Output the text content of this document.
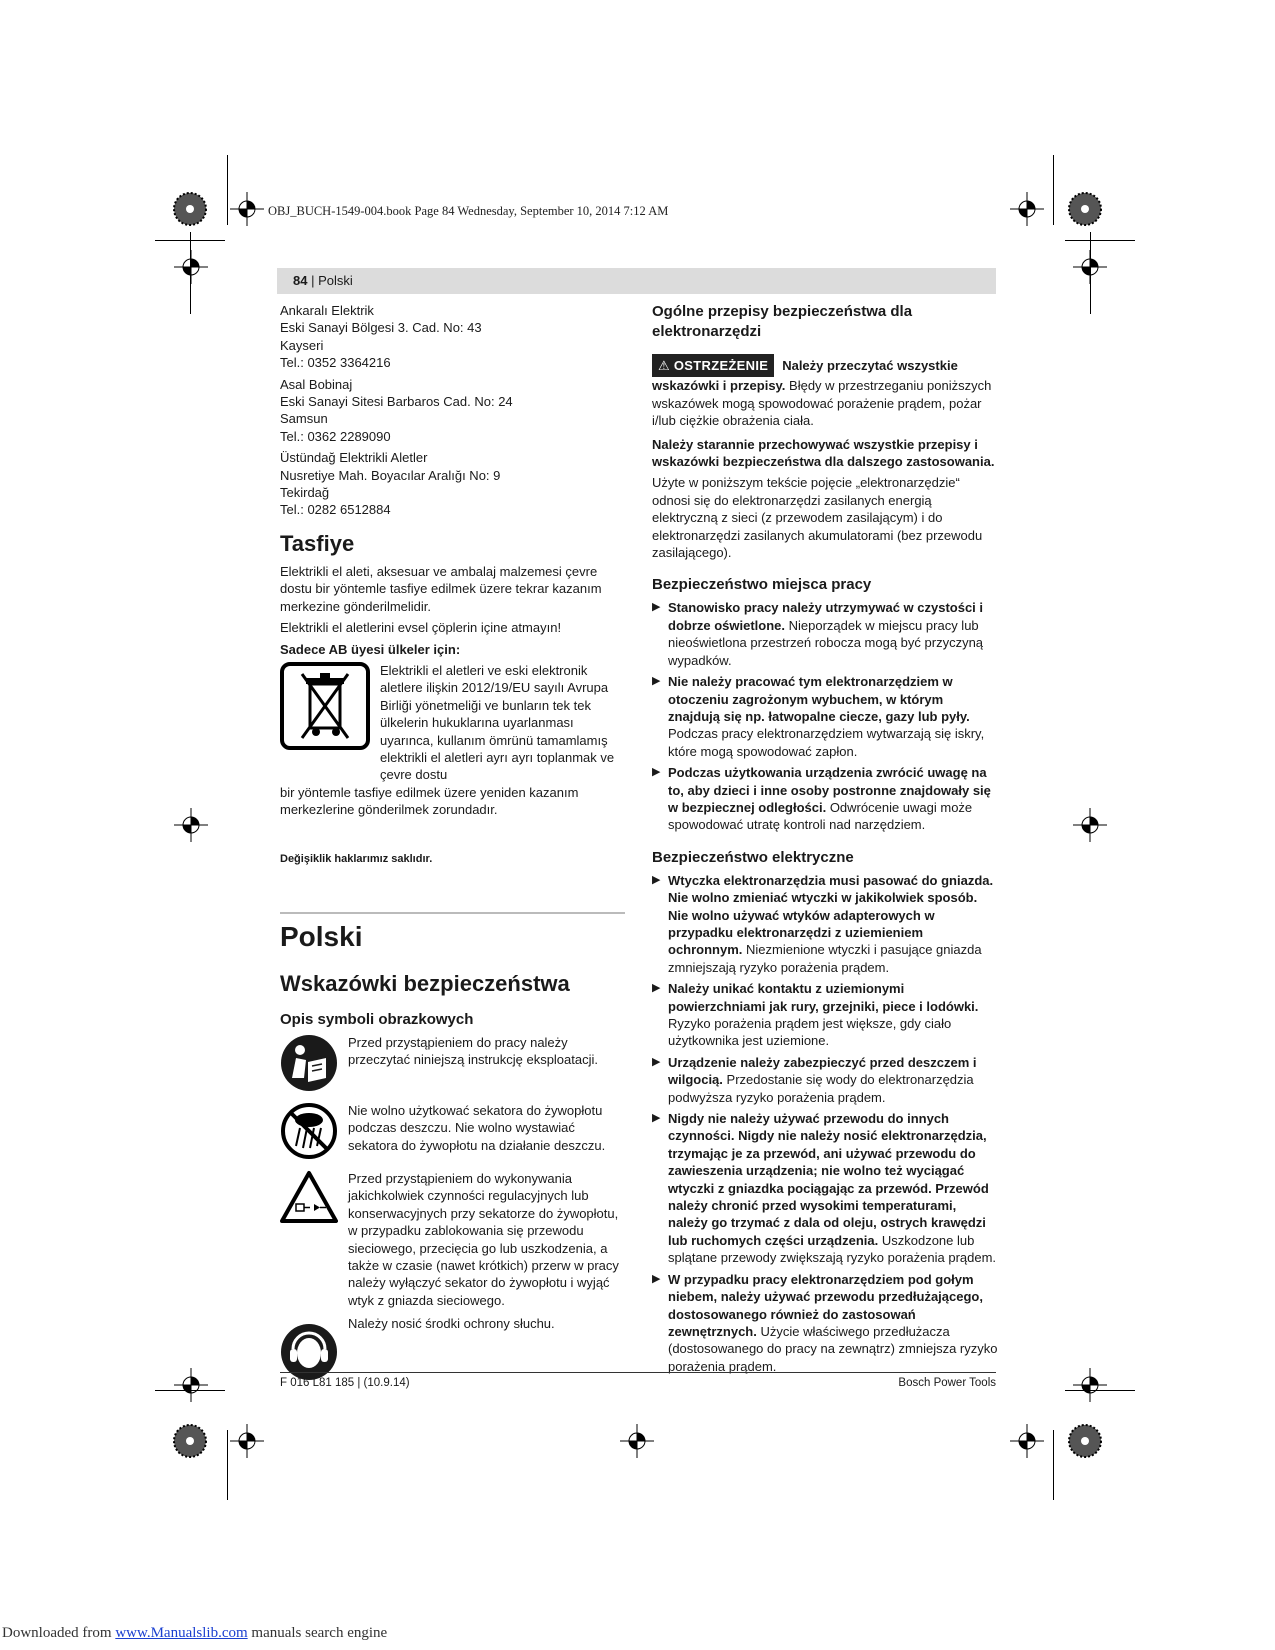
OBJ_BUCH-1549-004.book Page 84 Wednesday, September 10, 2014 7:12 AM
84 | Polski
Ankaralı Elektrik
Eski Sanayi Bölgesi 3. Cad. No: 43
Kayseri
Tel.: 0352 3364216
Asal Bobinaj
Eski Sanayi Sitesi Barbaros Cad. No: 24
Samsun
Tel.: 0362 2289090
Üstündağ Elektrikli Aletler
Nusretiye Mah. Boyacılar Aralığı No: 9
Tekirdağ
Tel.: 0282 6512884
Tasfiye

Elektrikli el aleti, aksesuar ve ambalaj malzemesi çevre dostu bir yöntemle tasfiye edilmek üzere tekrar kazanım merkezine gönderilmelidir.

Elektrikli el aletlerini evsel çöplerin içine atmayın!

Sadece AB üyesi ülkeler için:

Elektrikli el aletleri ve eski elektronik aletlere ilişkin 2012/19/EU sayılı Avrupa Birliği yönetmeliği ve bunların tek tek ülkelerin hukuklarına uyarlanması uyarınca, kullanım ömrünü tamamlamış elektrikli el aletleri ayrı ayrı toplanmak ve çevre dostu

bir yöntemle tasfiye edilmek üzere yeniden kazanım merkezlerine gönderilmek zorundadır.

Değişiklik haklarımız saklıdır.

Polski
Wskazówki bezpieczeństwa
Opis symboli obrazkowych
Przed przystąpieniem do pracy należy przeczytać niniejszą instrukcję eksploatacji.
Nie wolno użytkować sekatora do żywopłotu podczas deszczu. Nie wolno wystawiać sekatora do żywopłotu na działanie deszczu.
Przed przystąpieniem do wykonywania jakichkolwiek czynności regulacyjnych lub konserwacyjnych przy sekatorze do żywopłotu, w przypadku zablokowania się przewodu sieciowego, przecięcia go lub uszkodzenia, a także w czasie (nawet krótkich) przerw w pracy należy wyłączyć sekator do żywopłotu i wyjąć wtyk z gniazda sieciowego.
Należy nosić środki ochrony słuchu.
Ogólne przepisy bezpieczeństwa dla elektronarzędzi
⚠ OSTRZEŻENIE Należy przeczytać wszystkie wskazówki i przepisy. Błędy w przestrzeganiu poniższych wskazówek mogą spowodować porażenie prądem, pożar i/lub ciężkie obrażenia ciała.

Należy starannie przechowywać wszystkie przepisy i wskazówki bezpieczeństwa dla dalszego zastosowania.

Użyte w poniższym tekście pojęcie „elektronarzędzie“ odnosi się do elektronarzędzi zasilanych energią elektryczną z sieci (z przewodem zasilającym) i do elektronarzędzi zasilanych akumulatorami (bez przewodu zasilającego).

Bezpieczeństwo miejsca pracy
▶ Stanowisko pracy należy utrzymywać w czystości i dobrze oświetlone. Nieporządek w miejscu pracy lub nieoświetlona przestrzeń robocza mogą być przyczyną wypadków.
▶ Nie należy pracować tym elektronarzędziem w otoczeniu zagrożonym wybuchem, w którym znajdują się np. łatwopalne ciecze, gazy lub pyły. Podczas pracy elektronarzędziem wytwarzają się iskry, które mogą spowodować zapłon.
▶ Podczas użytkowania urządzenia zwrócić uwagę na to, aby dzieci i inne osoby postronne znajdowały się w bezpiecznej odległości. Odwrócenie uwagi może spowodować utratę kontroli nad narzędziem.
Bezpieczeństwo elektryczne
▶ Wtyczka elektronarzędzia musi pasować do gniazda. Nie wolno zmieniać wtyczki w jakikolwiek sposób. Nie wolno używać wtyków adapterowych w przypadku elektronarzędzi z uziemieniem ochronnym. Niezmienione wtyczki i pasujące gniazda zmniejszają ryzyko porażenia prądem.
▶ Należy unikać kontaktu z uziemionymi powierzchniami jak rury, grzejniki, piece i lodówki. Ryzyko porażenia prądem jest większe, gdy ciało użytkownika jest uziemione.
▶ Urządzenie należy zabezpieczyć przed deszczem i wilgocią. Przedostanie się wody do elektronarzędzia podwyższa ryzyko porażenia prądem.
▶ Nigdy nie należy używać przewodu do innych czynności. Nigdy nie należy nosić elektronarzędzia, trzymając je za przewód, ani używać przewodu do zawieszenia urządzenia; nie wolno też wyciągać wtyczki z gniazdka pociągając za przewód. Przewód należy chronić przed wysokimi temperaturami, należy go trzymać z dala od oleju, ostrych krawędzi lub ruchomych części urządzenia. Uszkodzone lub splątane przewody zwiększają ryzyko porażenia prądem.
▶ W przypadku pracy elektronarzędziem pod gołym niebem, należy używać przewodu przedłużającego, dostosowanego również do zastosowań zewnętrznych. Użycie właściwego przedłużacza (dostosowanego do pracy na zewnątrz) zmniejsza ryzyko porażenia prądem.
F 016 L81 185 | (10.9.14)	Bosch Power Tools
Downloaded from www.Manualslib.com manuals search engine
